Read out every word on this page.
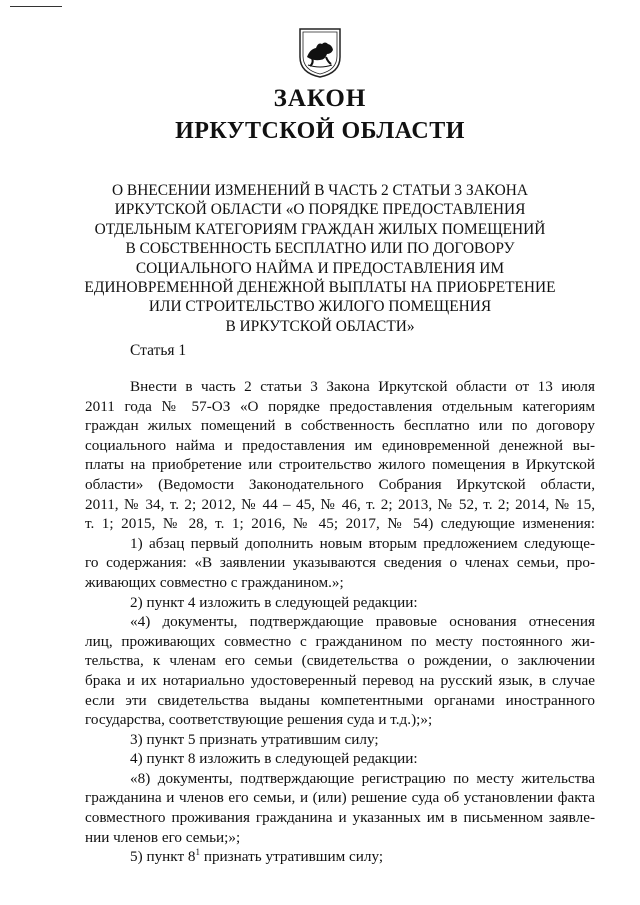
ЗАКОН
ИРКУТСКОЙ ОБЛАСТИ
О ВНЕСЕНИИ ИЗМЕНЕНИЙ В ЧАСТЬ 2 СТАТЬИ 3 ЗАКОНА
ИРКУТСКОЙ ОБЛАСТИ «О ПОРЯДКЕ ПРЕДОСТАВЛЕНИЯ
ОТДЕЛЬНЫМ КАТЕГОРИЯМ ГРАЖДАН ЖИЛЫХ ПОМЕЩЕНИЙ
В СОБСТВЕННОСТЬ БЕСПЛАТНО ИЛИ ПО ДОГОВОРУ
СОЦИАЛЬНОГО НАЙМА И ПРЕДОСТАВЛЕНИЯ ИМ
ЕДИНОВРЕМЕННОЙ ДЕНЕЖНОЙ ВЫПЛАТЫ НА ПРИОБРЕТЕНИЕ
ИЛИ СТРОИТЕЛЬСТВО ЖИЛОГО ПОМЕЩЕНИЯ
В ИРКУТСКОЙ ОБЛАСТИ»
Статья 1
Внести в часть 2 статьи 3 Закона Иркутской области от 13 июля
2011 года № 57-ОЗ «О порядке предоставления отдельным категориям
граждан жилых помещений в собственность бесплатно или по договору
социального найма и предоставления им единовременной денежной вы-
платы на приобретение или строительство жилого помещения в Иркутской
области» (Ведомости Законодательного Собрания Иркутской области,
2011, № 34, т. 2; 2012, № 44 – 45, № 46, т. 2; 2013, № 52, т. 2; 2014, № 15,
т. 1; 2015, № 28, т. 1; 2016, № 45; 2017, № 54) следующие изменения:
1) абзац первый дополнить новым вторым предложением следующе-
го содержания: «В заявлении указываются сведения о членах семьи, про-
живающих совместно с гражданином.»;
2) пункт 4 изложить в следующей редакции:
«4) документы, подтверждающие правовые основания отнесения
лиц, проживающих совместно с гражданином по месту постоянного жи-
тельства, к членам его семьи (свидетельства о рождении, о заключении
брака и их нотариально удостоверенный перевод на русский язык, в случае
если эти свидетельства выданы компетентными органами иностранного
государства, соответствующие решения суда и т.д.);»;
3) пункт 5 признать утратившим силу;
4) пункт 8 изложить в следующей редакции:
«8) документы, подтверждающие регистрацию по месту жительства
гражданина и членов его семьи, и (или) решение суда об установлении факта
совместного проживания гражданина и указанных им в письменном заявле-
нии членов его семьи;»;
5) пункт $8^1$ признать утратившим силу;
